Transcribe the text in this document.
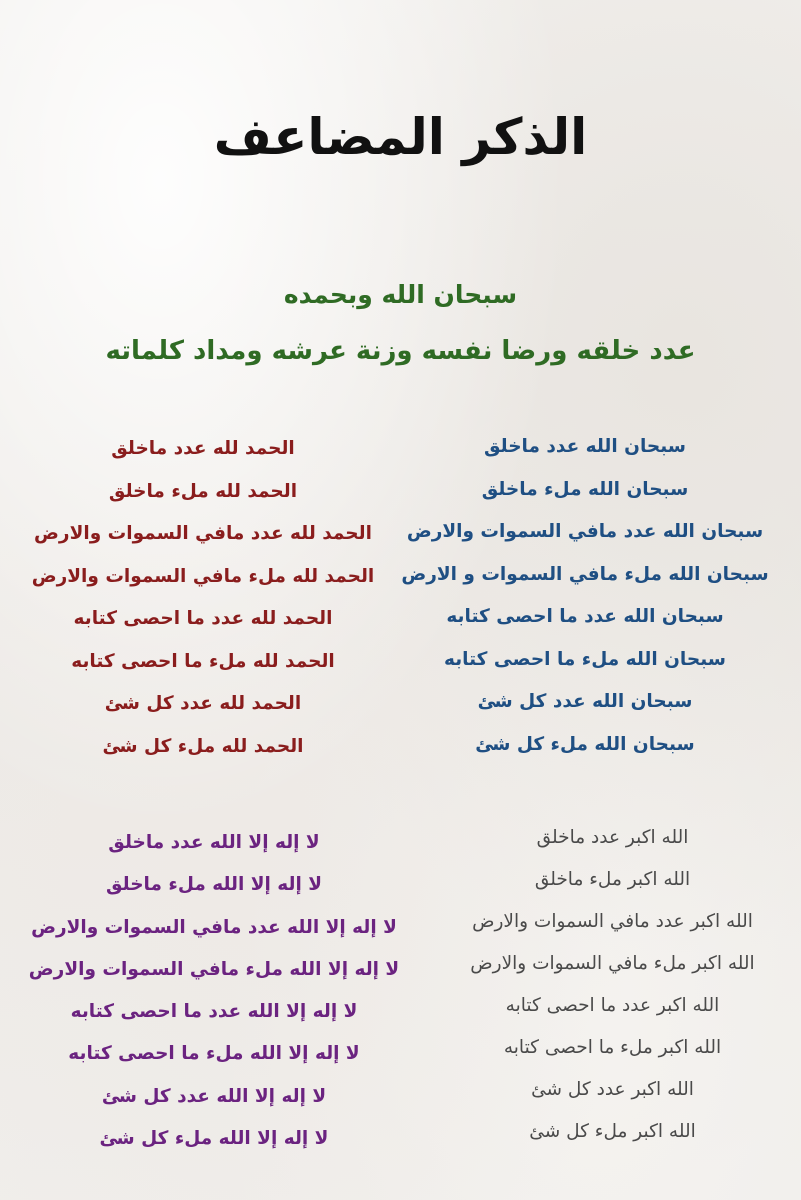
الذكر المضاعف
سبحان الله وبحمده
عدد خلقه ورضا نفسه وزنة عرشه ومداد كلماته
سبحان الله عدد ماخلق
سبحان الله ملء ماخلق
سبحان الله عدد مافي السموات والارض
سبحان الله ملء مافي السموات و الارض
سبحان الله عدد ما احصى كتابه
سبحان الله ملء ما احصى كتابه
سبحان الله عدد كل شئ
سبحان الله ملء كل شئ
الحمد لله عدد ماخلق
الحمد لله ملء ماخلق
الحمد لله عدد مافي السموات والارض
الحمد لله ملء مافي السموات والارض
الحمد لله عدد ما احصى كتابه
الحمد لله ملء ما احصى كتابه
الحمد لله عدد كل شئ
الحمد لله ملء كل شئ
الله اكبر عدد ماخلق
الله اكبر ملء ماخلق
الله اكبر عدد مافي السموات والارض
الله اكبر ملء مافي السموات والارض
الله اكبر عدد ما احصى كتابه
الله اكبر ملء ما احصى كتابه
الله اكبر عدد كل شئ
الله اكبر ملء كل شئ
لا إله إلا الله عدد ماخلق
لا إله إلا الله ملء ماخلق
لا إله إلا الله عدد مافي السموات والارض
لا إله إلا الله ملء مافي السموات والارض
لا إله إلا الله عدد ما احصى كتابه
لا إله إلا الله ملء ما احصى كتابه
لا إله إلا الله عدد كل شئ
لا إله إلا الله ملء كل شئ
